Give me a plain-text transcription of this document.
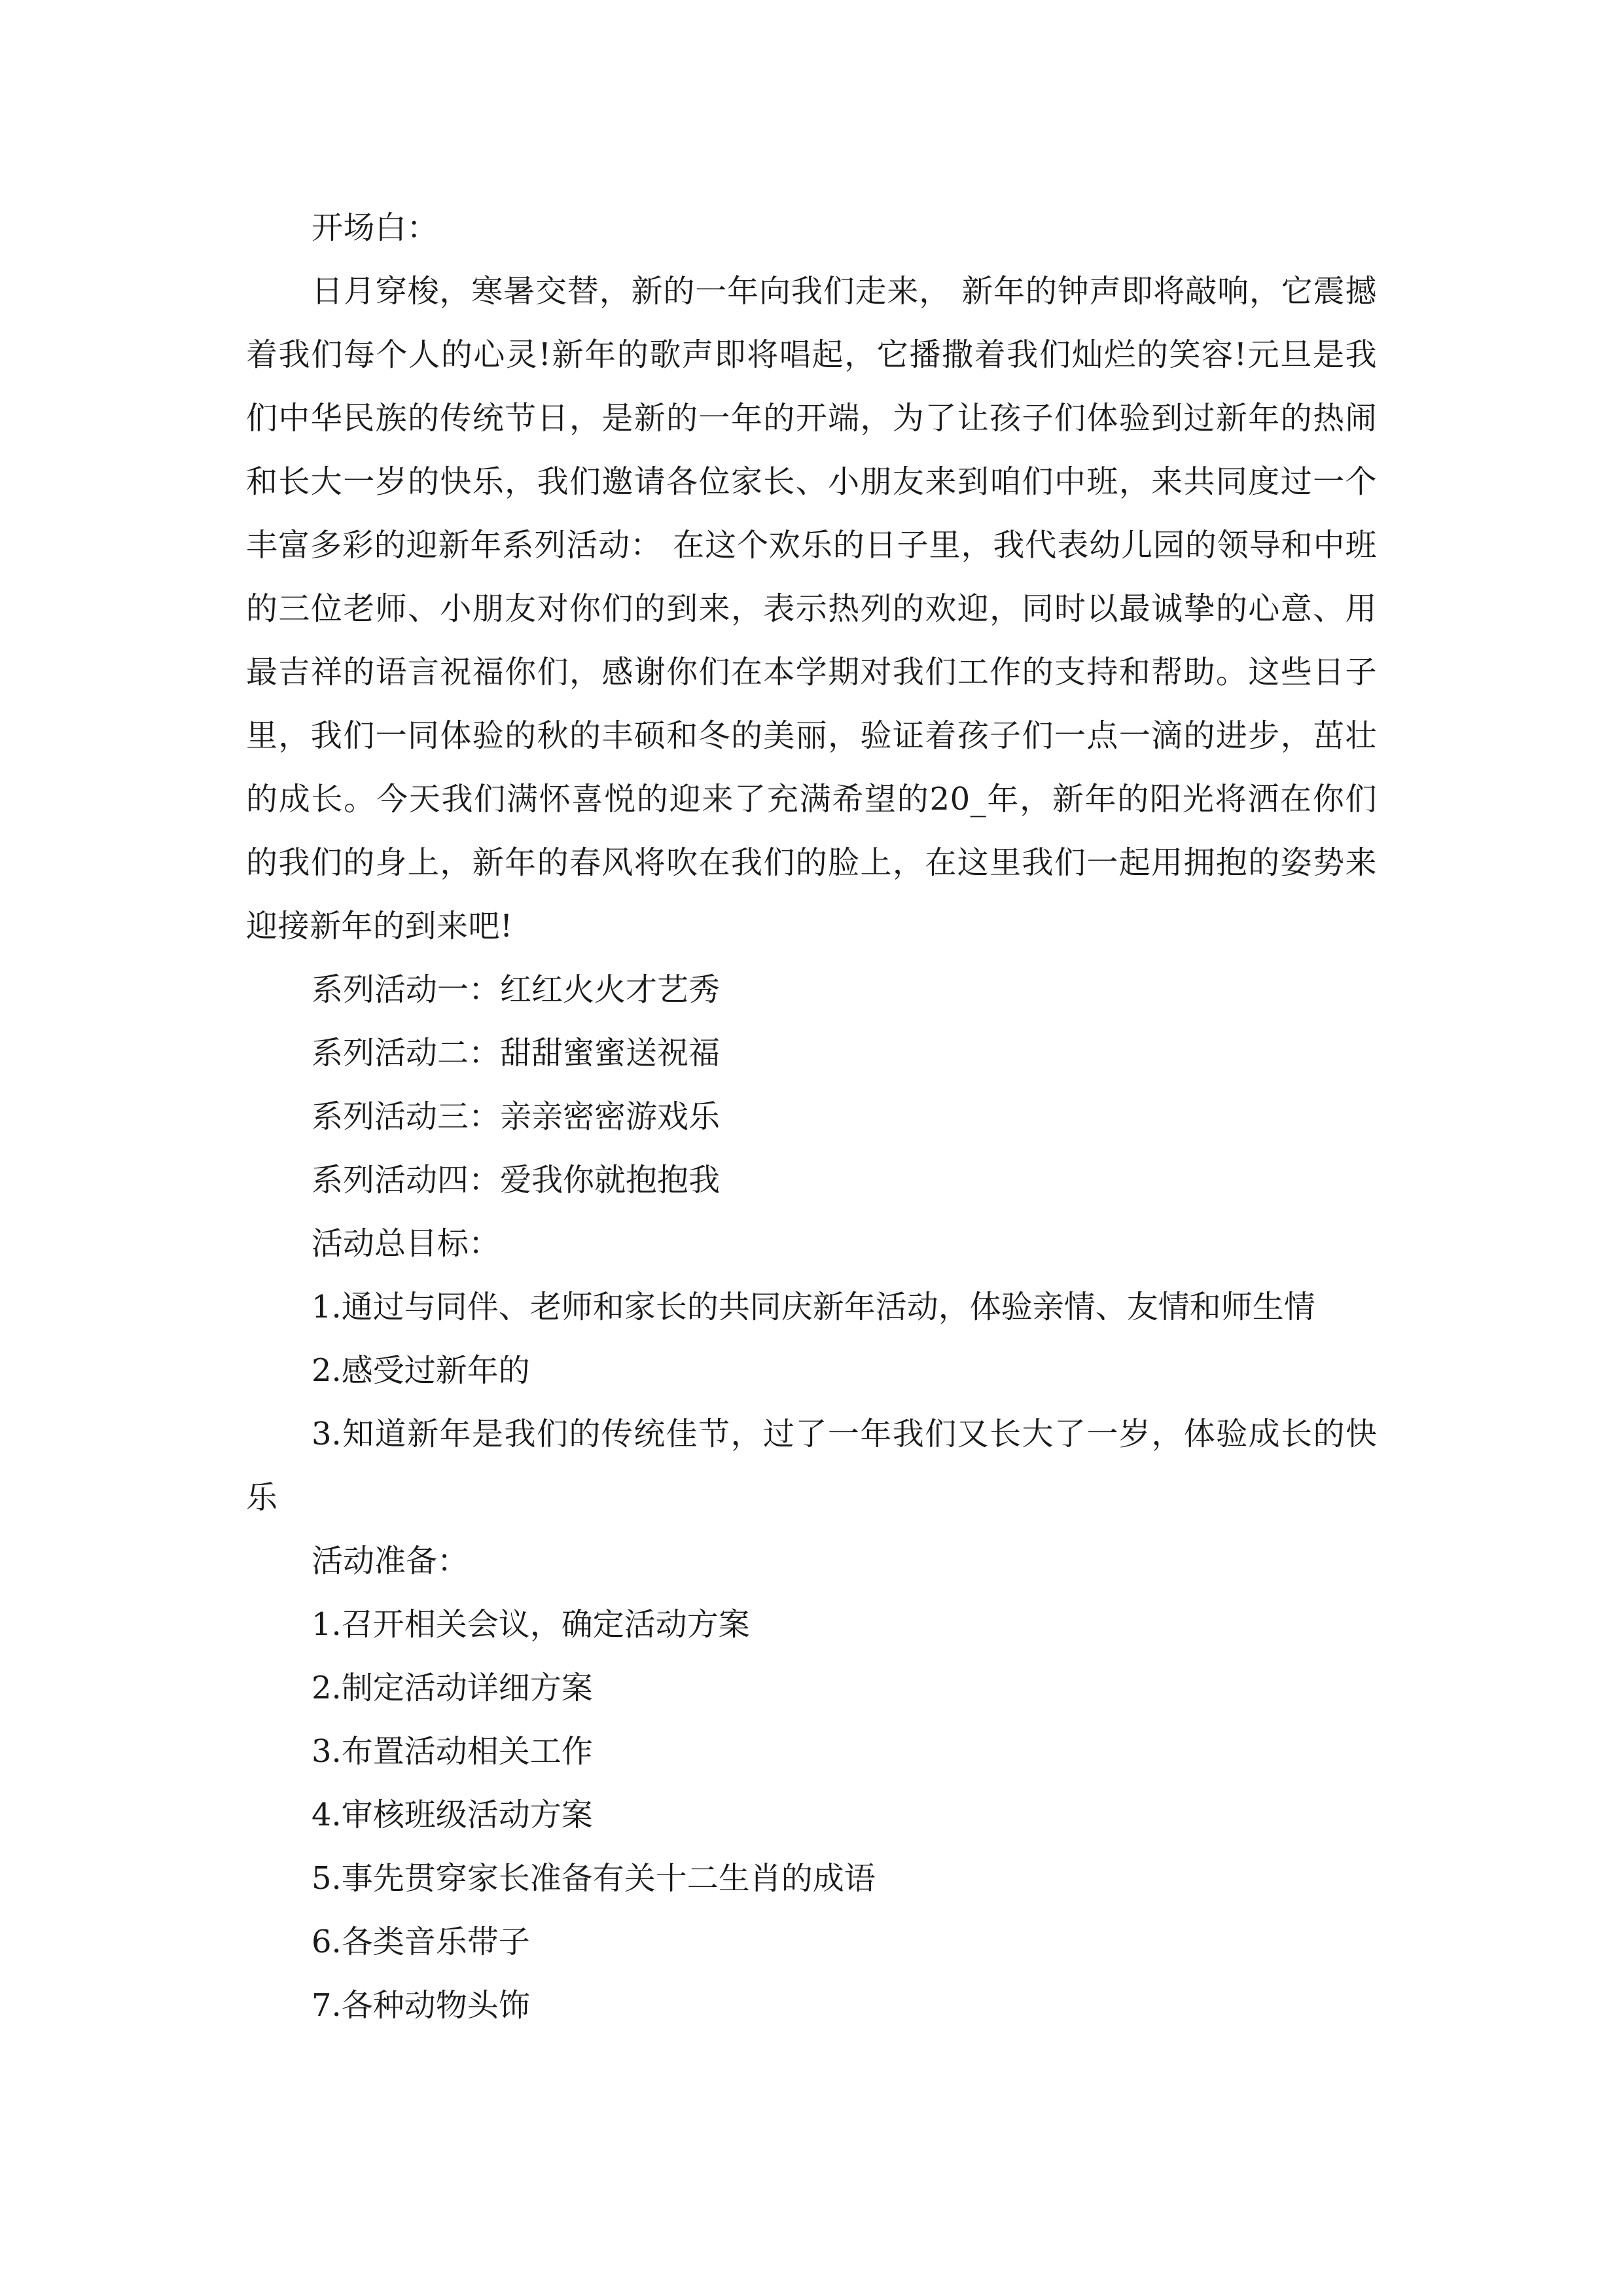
开场白：

日月穿梭，寒暑交替，新的一年向我们走来， 新年的钟声即将敲响，它震撼着我们每个人的心灵!新年的歌声即将唱起，它播撒着我们灿烂的笑容!元旦是我们中华民族的传统节日，是新的一年的开端，为了让孩子们体验到过新年的热闹和长大一岁的快乐，我们邀请各位家长、小朋友来到咱们中班，来共同度过一个丰富多彩的迎新年系列活动： 在这个欢乐的日子里，我代表幼儿园的领导和中班的三位老师、小朋友对你们的到来，表示热列的欢迎，同时以最诚挚的心意、用最吉祥的语言祝福你们，感谢你们在本学期对我们工作的支持和帮助。这些日子里，我们一同体验的秋的丰硕和冬的美丽，验证着孩子们一点一滴的进步，茁壮的成长。今天我们满怀喜悦的迎来了充满希望的20_年，新年的阳光将洒在你们的我们的身上，新年的春风将吹在我们的脸上，在这里我们一起用拥抱的姿势来迎接新年的到来吧!

系列活动一：红红火火才艺秀

系列活动二：甜甜蜜蜜送祝福

系列活动三：亲亲密密游戏乐

系列活动四：爱我你就抱抱我

活动总目标：

1.通过与同伴、老师和家长的共同庆新年活动，体验亲情、友情和师生情

2.感受过新年的

3.知道新年是我们的传统佳节，过了一年我们又长大了一岁，体验成长的快乐

活动准备：

1.召开相关会议，确定活动方案

2.制定活动详细方案

3.布置活动相关工作

4.审核班级活动方案

5.事先贯穿家长准备有关十二生肖的成语

6.各类音乐带子

7.各种动物头饰
